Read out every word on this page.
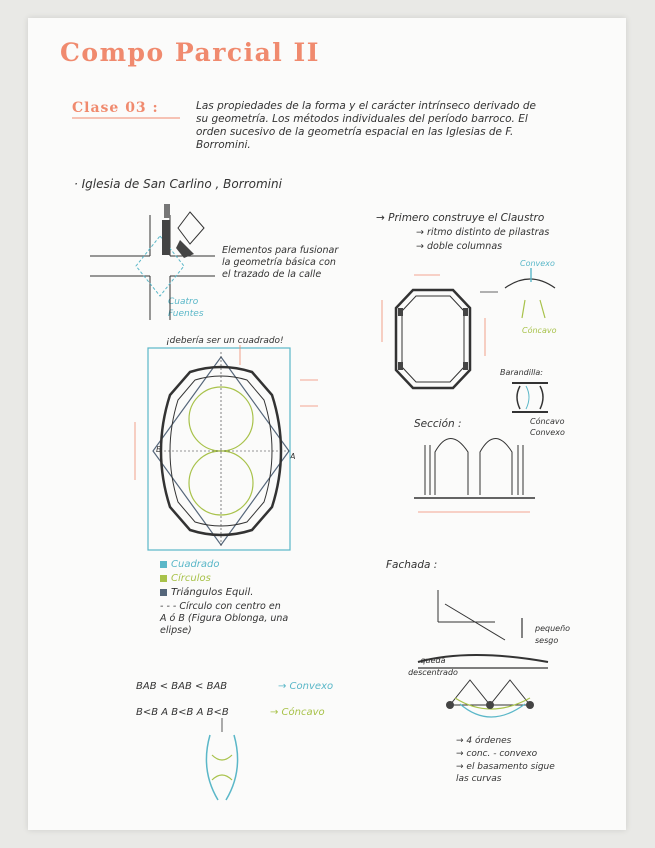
Compo Parcial II
Clase 03 :	Las propiedades de la forma y el carácter intrínseco derivado de su geometría. Los métodos individuales del período barroco. El orden sucesivo de la geometría espacial en las Iglesias de F. Borromini.
· Iglesia de San Carlino , Borromini
Elementos para fusionar la geometría básica con el trazado de la calle
Cuatro Fuentes
¡debería ser un cuadrado!
A
B
Cuadrado
Círculos
Triángulos Equil.
- - - Círculo con centro en A ó B (Figura Oblonga, una elipse)
BAB < BAB < BAB	→ Convexo
B<B A B<B A B<B	→ Cóncavo
→ Primero construye el Claustro
→ ritmo distinto de pilastras
→ doble columnas
Convexo
Cóncavo
Barandilla:
Cóncavo
Convexo
Sección :
Fachada :
pequeño sesgo
queda descentrado
→ 4 órdenes
→ conc. - convexo
→ el basamento sigue las curvas
